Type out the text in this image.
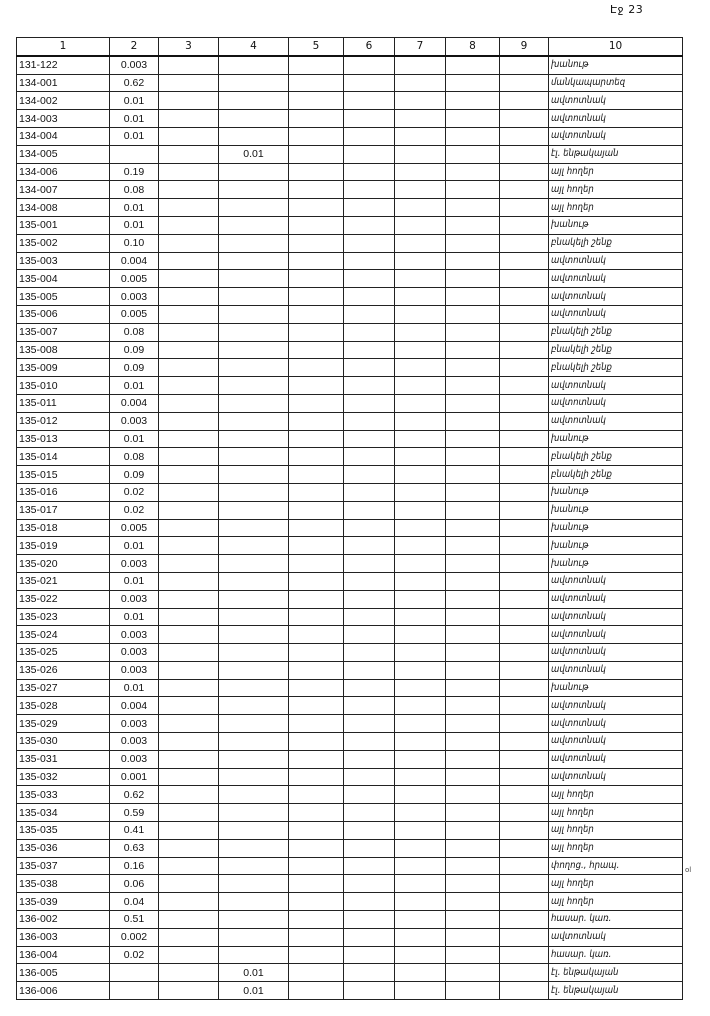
Էջ 23
ol
1	2	3	4	5	6	7	8	9	10
131-122	0.003								խանութ
134-001	0.62								մանկապարտեզ
134-002	0.01								ավտոտնակ
134-003	0.01								ավտոտնակ
134-004	0.01								ավտոտնակ
134-005			0.01						էլ. ենթակայան
134-006	0.19								այլ հողեր
134-007	0.08								այլ հողեր
134-008	0.01								այլ հողեր
135-001	0.01								խանութ
135-002	0.10								բնակելի շենք
135-003	0.004								ավտոտնակ
135-004	0.005								ավտոտնակ
135-005	0.003								ավտոտնակ
135-006	0.005								ավտոտնակ
135-007	0.08								բնակելի շենք
135-008	0.09								բնակելի շենք
135-009	0.09								բնակելի շենք
135-010	0.01								ավտոտնակ
135-011	0.004								ավտոտնակ
135-012	0.003								ավտոտնակ
135-013	0.01								խանութ
135-014	0.08								բնակելի շենք
135-015	0.09								բնակելի շենք
135-016	0.02								խանութ
135-017	0.02								խանութ
135-018	0.005								խանութ
135-019	0.01								խանութ
135-020	0.003								խանութ
135-021	0.01								ավտոտնակ
135-022	0.003								ավտոտնակ
135-023	0.01								ավտոտնակ
135-024	0.003								ավտոտնակ
135-025	0.003								ավտոտնակ
135-026	0.003								ավտոտնակ
135-027	0.01								խանութ
135-028	0.004								ավտոտնակ
135-029	0.003								ավտոտնակ
135-030	0.003								ավտոտնակ
135-031	0.003								ավտոտնակ
135-032	0.001								ավտոտնակ
135-033	0.62								այլ հողեր
135-034	0.59								այլ հողեր
135-035	0.41								այլ հողեր
135-036	0.63								այլ հողեր
135-037	0.16								փողոց., հրապ.
135-038	0.06								այլ հողեր
135-039	0.04								այլ հողեր
136-002	0.51								հասար. կառ.
136-003	0.002								ավտոտնակ
136-004	0.02								հասար. կառ.
136-005			0.01						էլ. ենթակայան
136-006			0.01						էլ. ենթակայան
